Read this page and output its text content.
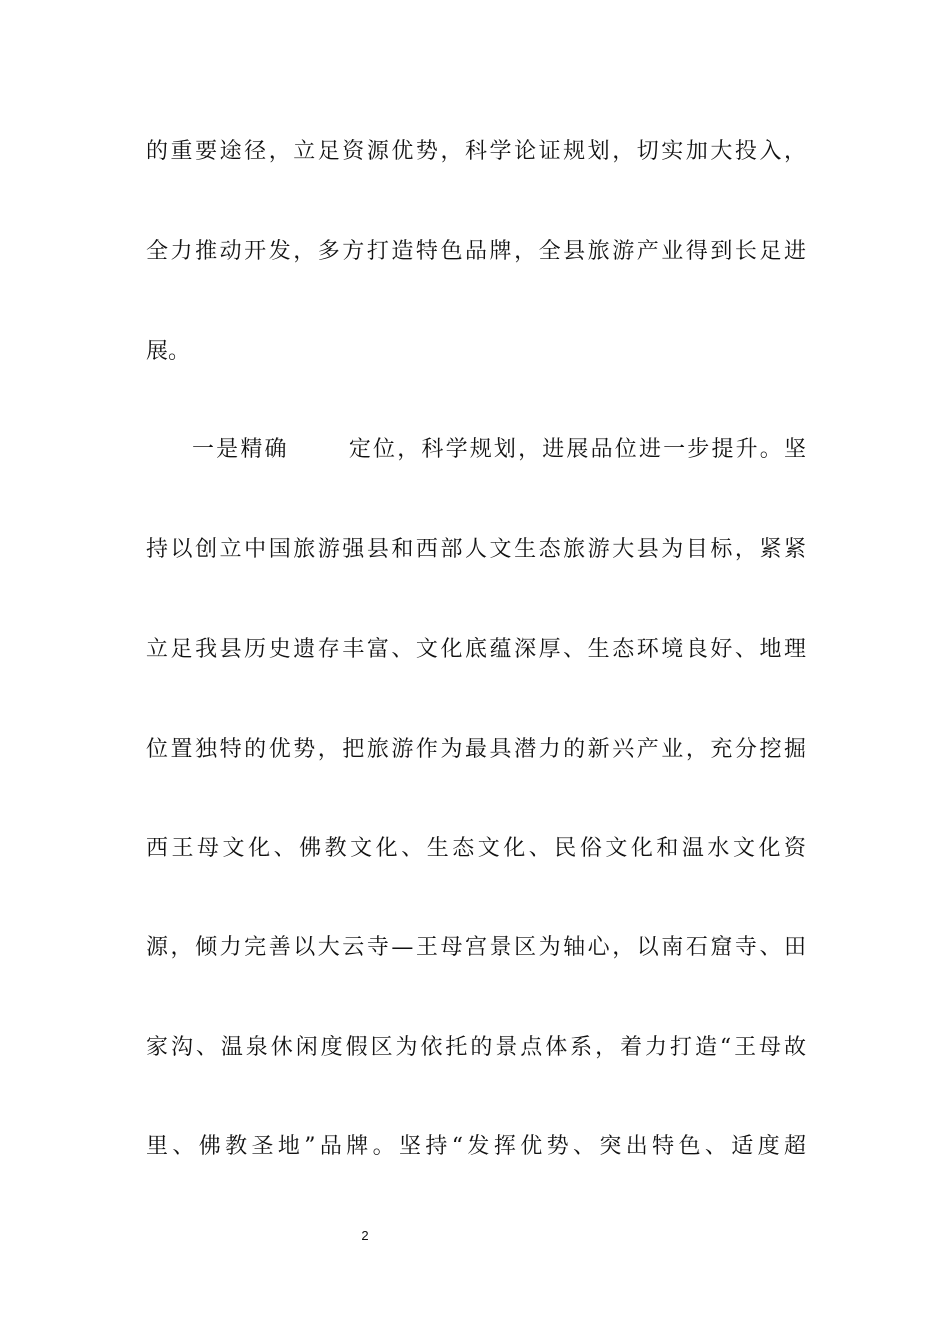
的重要途径，立足资源优势，科学论证规划，切实加大投入，
全力推动开发，多方打造特色品牌，全县旅游产业得到长足进
展。
一是精确	定位，科学规划，进展品位进一步提升。坚
持以创立中国旅游强县和西部人文生态旅游大县为目标，紧紧
立足我县历史遗存丰富、文化底蕴深厚、生态环境良好、地理
位置独特的优势，把旅游作为最具潜力的新兴产业，充分挖掘
西王母文化、佛教文化、生态文化、民俗文化和温水文化资
源，倾力完善以大云寺—王母宫景区为轴心，以南石窟寺、田
家沟、温泉休闲度假区为依托的景点体系，着力打造“王母故
里、佛教圣地”品牌。坚持“发挥优势、突出特色、适度超
2
